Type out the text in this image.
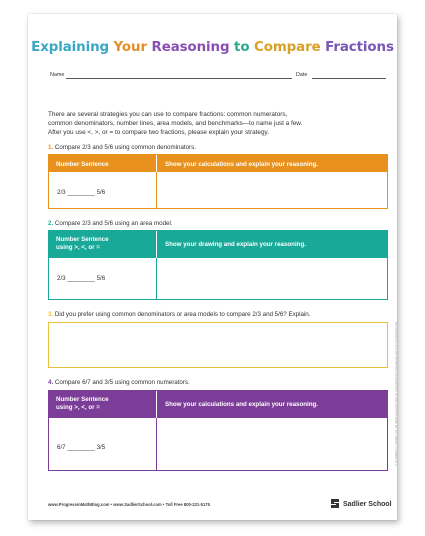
Explaining Your Reasoning to Compare Fractions
Name	Date
There are several strategies you can use to compare fractions: common numerators,
common denominators, number lines, area models, and benchmarks—to name just a few.
After you use <, >, or = to compare two fractions, please explain your strategy.
1. Compare 2/3 and 5/6 using common denominators.
Number Sentence	Show your calculations and explain your reasoning.
2/3 ________ 5/6
2. Compare 2/3 and 5/6 using an area model.
Number Sentence
using >, <, or =	Show your drawing and explain your reasoning.
2/3 ________ 5/6
3. Did you prefer using common denominators or area models to compare 2/3 and 5/6? Explain.
4. Compare 6/7 and 3/5 using common numerators.
Number Sentence
using >, <, or =	Show your calculations and explain your reasoning.
6/7 ________ 3/5
www.ProgressinMathBlog.com • www.SadlierSchool.com • Toll Free 800-221-5175	Sadlier School
© by William H. Sadlier, Inc. All rights reserved. May be reproduced for educational use (not commercial use).
